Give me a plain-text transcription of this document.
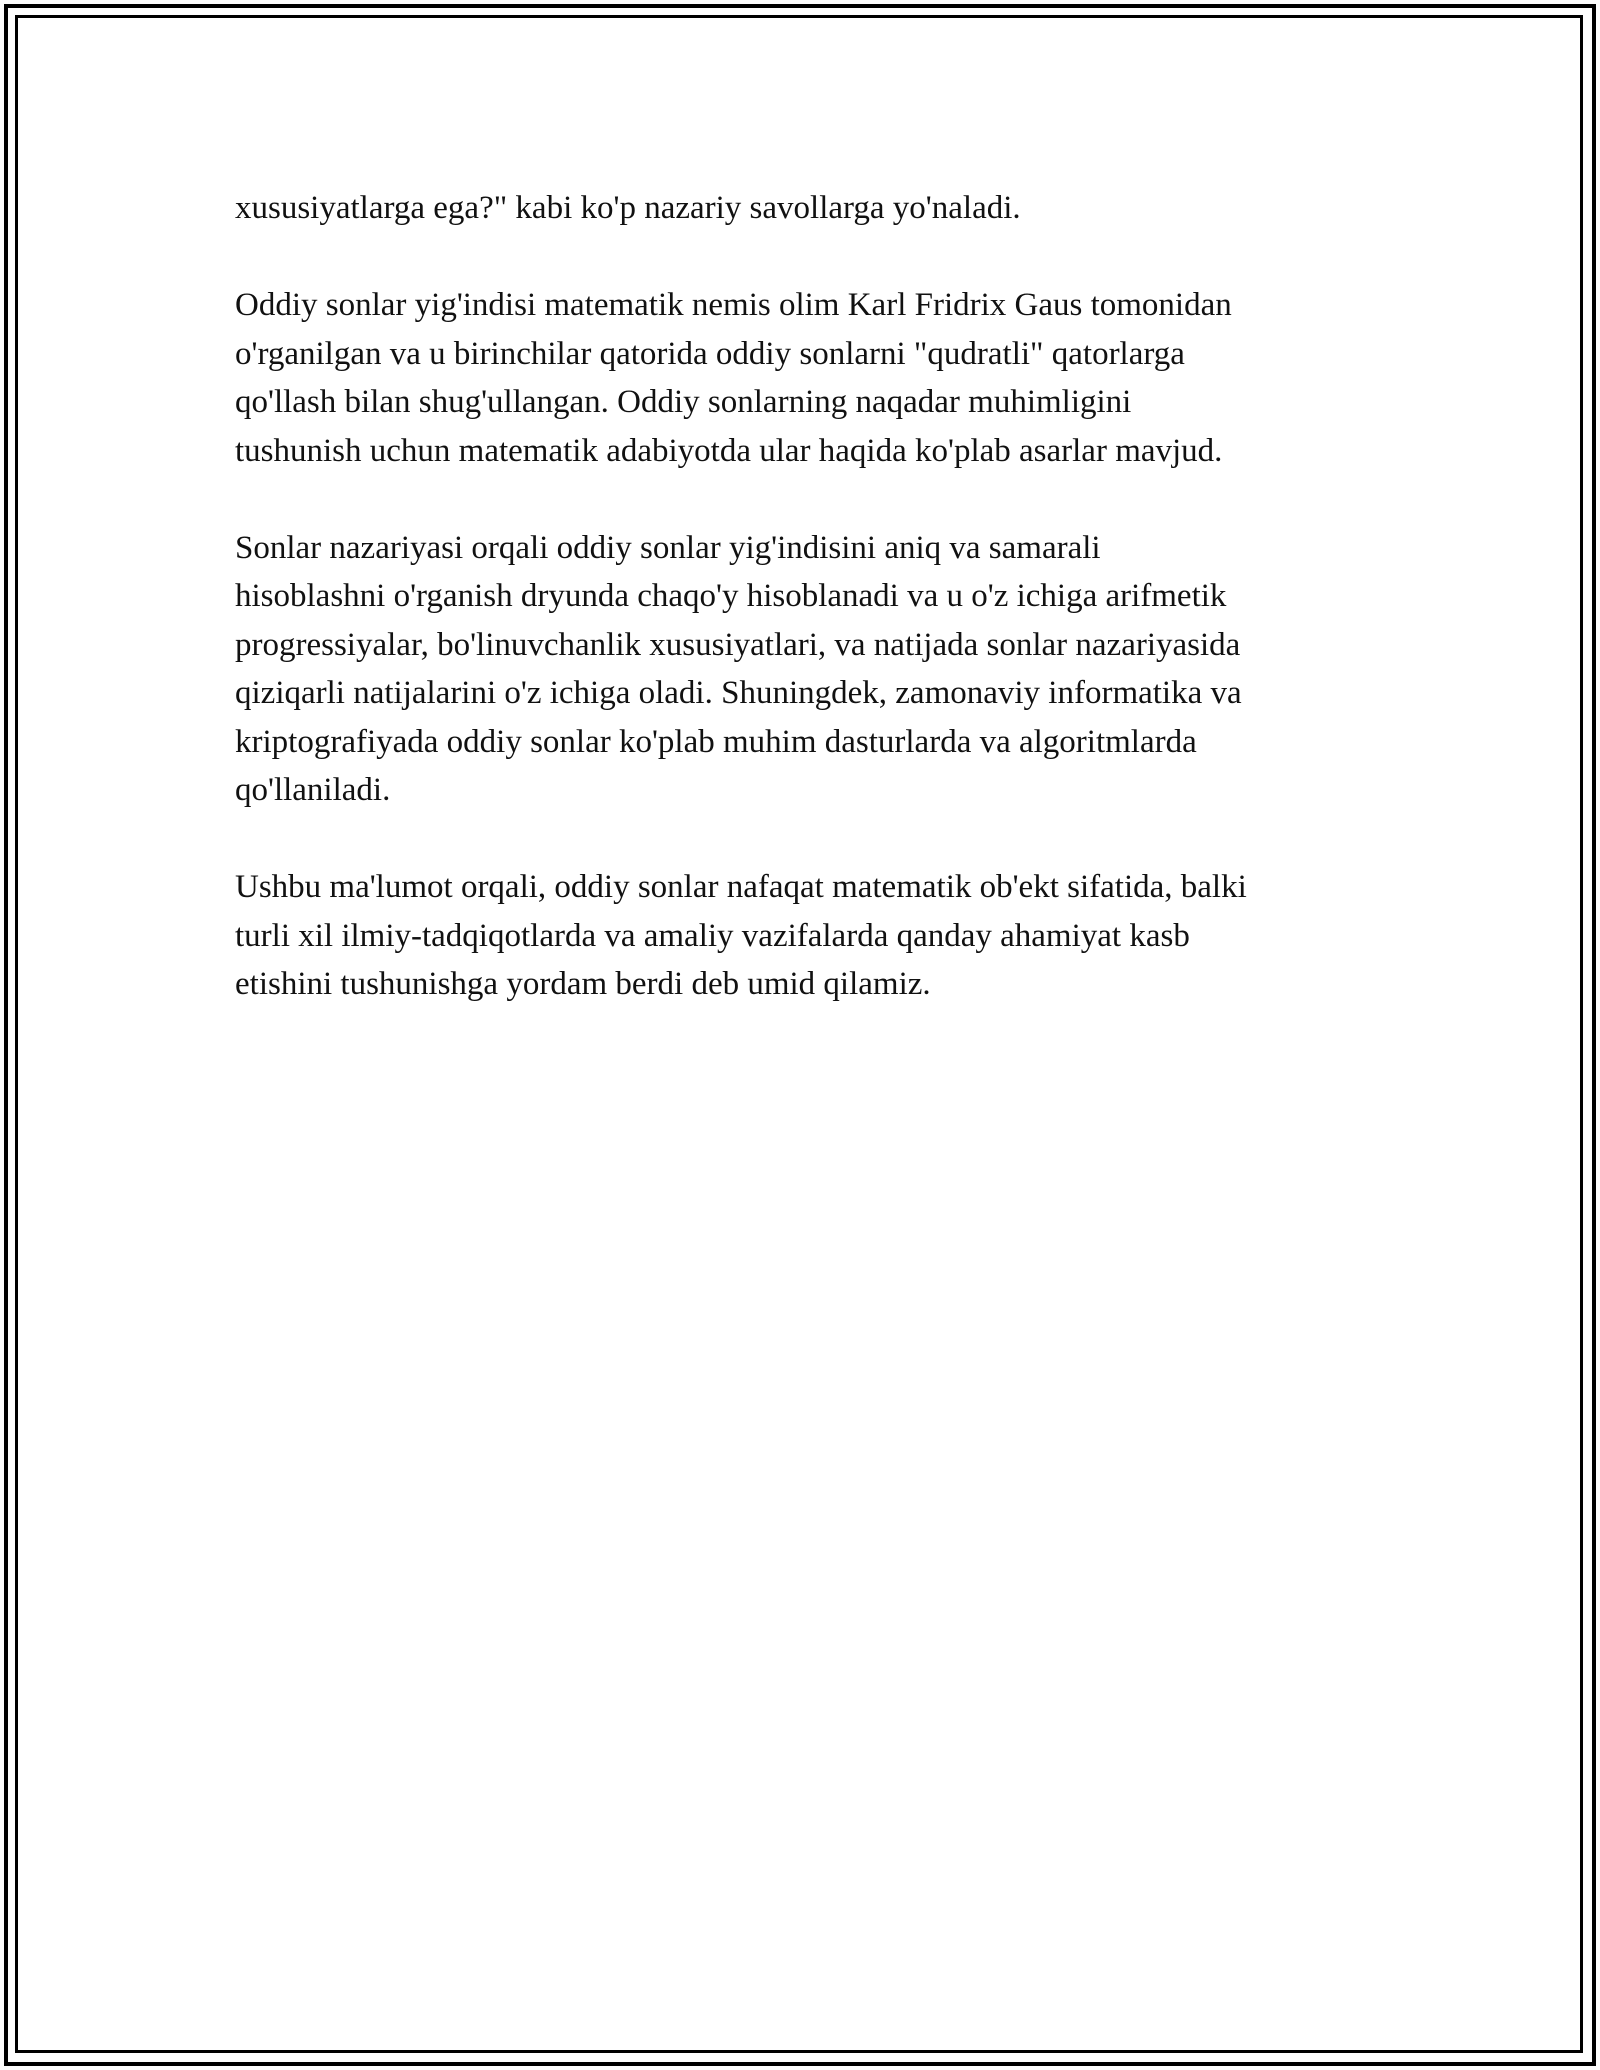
xususiyatlarga ega?" kabi ko'p nazariy savollarga yo'naladi.

Oddiy sonlar yig'indisi matematik nemis olim Karl Fridrix Gaus tomonidan
o'rganilgan va u birinchilar qatorida oddiy sonlarni "qudratli" qatorlarga
qo'llash bilan shug'ullangan. Oddiy sonlarning naqadar muhimligini
tushunish uchun matematik adabiyotda ular haqida ko'plab asarlar mavjud.

Sonlar nazariyasi orqali oddiy sonlar yig'indisini aniq va samarali
hisoblashni o'rganish dryunda chaqo'y hisoblanadi va u o'z ichiga arifmetik
progressiyalar, bo'linuvchanlik xususiyatlari, va natijada sonlar nazariyasida
qiziqarli natijalarini o'z ichiga oladi. Shuningdek, zamonaviy informatika va
kriptografiyada oddiy sonlar ko'plab muhim dasturlarda va algoritmlarda
qo'llaniladi.

Ushbu ma'lumot orqali, oddiy sonlar nafaqat matematik ob'ekt sifatida, balki
turli xil ilmiy-tadqiqotlarda va amaliy vazifalarda qanday ahamiyat kasb
etishini tushunishga yordam berdi deb umid qilamiz.
